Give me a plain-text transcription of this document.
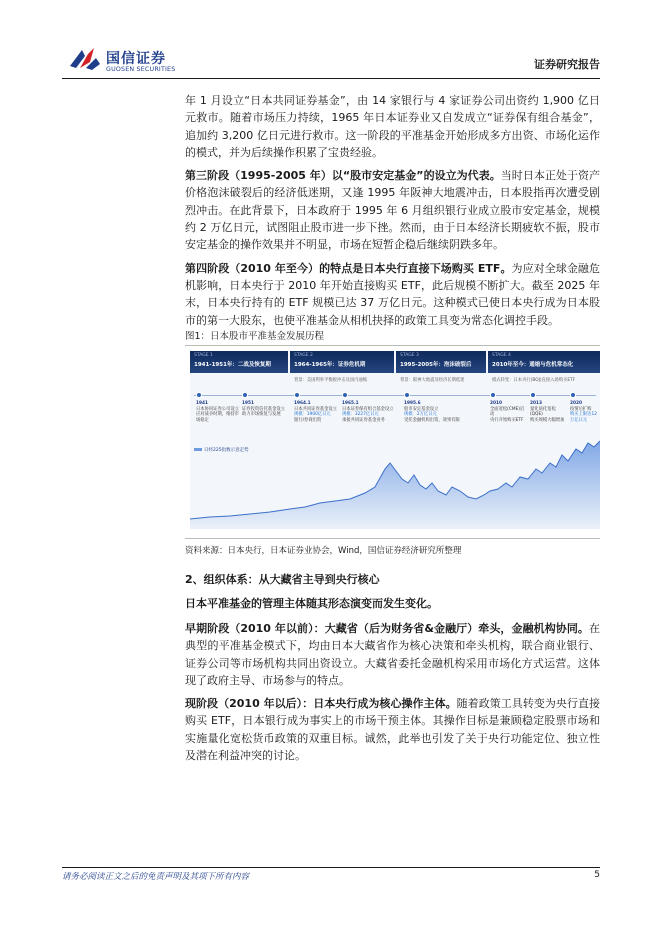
国信证券
GUOSEN SECURITIES	证券研究报告

年 1 月设立“日本共同证券基金”，由 14 家银行与 4 家证券公司出资约 1,900 亿日元救市。随着市场压力持续，1965 年日本证券业又自发成立“证券保有组合基金”，追加约 3,200 亿日元进行救市。这一阶段的平准基金开始形成多方出资、市场化运作的模式，并为后续操作积累了宝贵经验。

第三阶段（1995-2005 年）以“股市安定基金”的设立为代表。当时日本正处于资产价格泡沫破裂后的经济低迷期，又逢 1995 年阪神大地震冲击，日本股指再次遭受剧烈冲击。在此背景下，日本政府于 1995 年 6 月组织银行业成立股市安定基金，规模约 2 万亿日元，试图阻止股市进一步下挫。然而，由于日本经济长期疲软不振，股市安定基金的操作效果并不明显，市场在短暂企稳后继续阴跌多年。

第四阶段（2010 年至今）的特点是日本央行直接下场购买 ETF。为应对全球金融危机影响，日本央行于 2010 年开始直接购买 ETF，此后规模不断扩大。截至 2025 年末，日本央行持有的 ETF 规模已达 37 万亿日元。这种模式已使日本央行成为日本股市的第一大股东，也使平准基金从相机抉择的政策工具变为常态化调控手段。

图1：日本股市平准基金发展历程
STAGE 1
1941-1951年：二战及恢复期
STAGE 2
1964-1965年：证券危机期
STAGE 3
1995-2005年：泡沫破裂后
STAGE 4
2010年至今：通缩与危机常态化
背景：美国利率平衡税冲击及国内通缩	背景：阪神大地震及经济长期低迷	模式转变：日本央行(BOJ)直接入场购买ETF
1941
日本协同证券公司设立
应对战争时期，维持市场稳定
1951
证券投资信托基金设立
助力市场恢复与发展
1964.1
日本共同证券基金设立
规模：1900亿日元
银行/券商出资
1965.1
日本证券保有组合基金设立
规模：3227亿日元
承接共同证券基金业务
1995.6
股市安定基金设立
规模：2万亿日元
受托金融机构出资，效果有限
2010
全面宽松(CME)启动
央行开始购买ETF
2013
量化质化宽松(QQE)
购买规模大幅增加
2020
疫情后扩购
购买上限达12万亿日元
日经225指数示意走势
资料来源：日本央行，日本证券业协会，Wind，国信证券经济研究所整理

2、组织体系：从大藏省主导到央行核心

日本平准基金的管理主体随其形态演变而发生变化。

早期阶段（2010 年以前）：大藏省（后为财务省&金融厅）牵头，金融机构协同。在典型的平准基金模式下，均由日本大藏省作为核心决策和牵头机构，联合商业银行、证券公司等市场机构共同出资设立。大藏省委托金融机构采用市场化方式运营。这体现了政府主导、市场参与的特点。

现阶段（2010 年以后）：日本央行成为核心操作主体。随着政策工具转变为央行直接购买 ETF，日本银行成为事实上的市场干预主体。其操作目标是兼顾稳定股票市场和实施量化宽松货币政策的双重目标。诚然，此举也引发了关于央行功能定位、独立性及潜在利益冲突的讨论。

请务必阅读正文之后的免责声明及其项下所有内容	5
